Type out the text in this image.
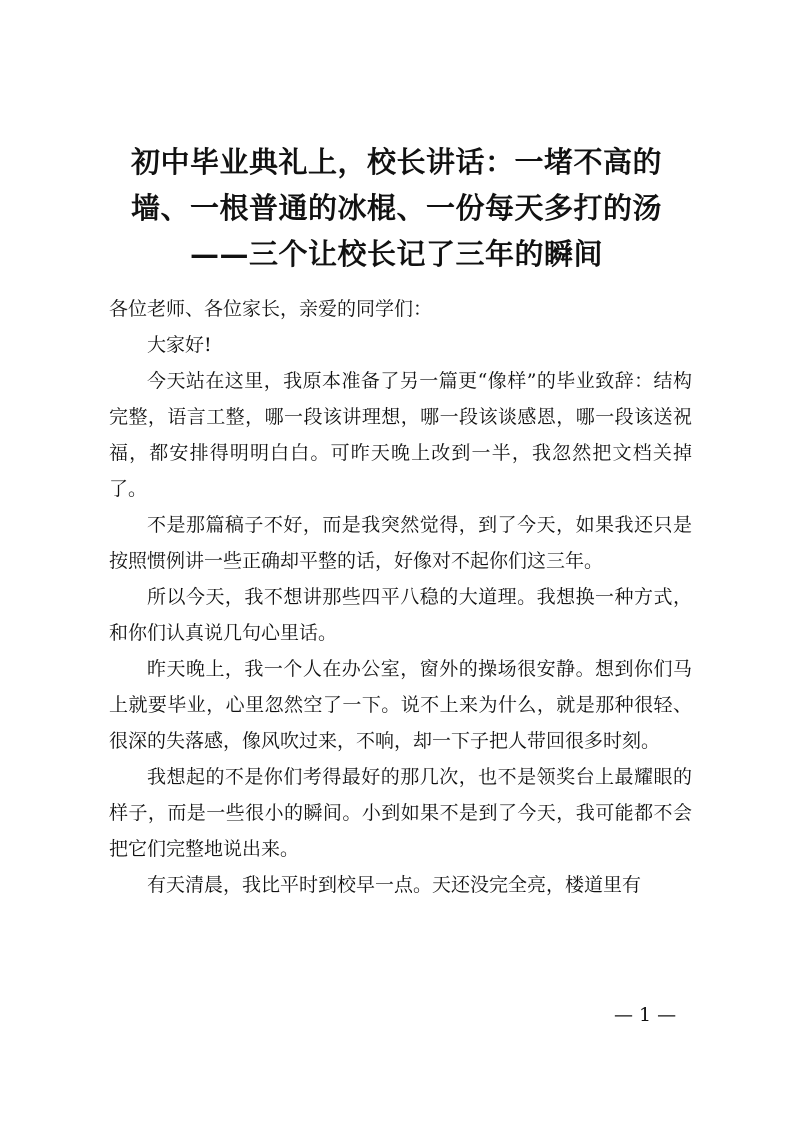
初中毕业典礼上，校长讲话：一堵不高的
墙、一根普通的冰棍、一份每天多打的汤
——三个让校长记了三年的瞬间

各位老师、各位家长，亲爱的同学们：

大家好!

今天站在这里，我原本准备了另一篇更“像样”的毕业致辞：结构完整，语言工整，哪一段该讲理想，哪一段该谈感恩，哪一段该送祝福，都安排得明明白白。可昨天晚上改到一半，我忽然把文档关掉了。

不是那篇稿子不好，而是我突然觉得，到了今天，如果我还只是按照惯例讲一些正确却平整的话，好像对不起你们这三年。

所以今天，我不想讲那些四平八稳的大道理。我想换一种方式，和你们认真说几句心里话。

昨天晚上，我一个人在办公室，窗外的操场很安静。想到你们马上就要毕业，心里忽然空了一下。说不上来为什么，就是那种很轻、很深的失落感，像风吹过来，不响，却一下子把人带回很多时刻。

我想起的不是你们考得最好的那几次，也不是领奖台上最耀眼的样子，而是一些很小的瞬间。小到如果不是到了今天，我可能都不会把它们完整地说出来。

有天清晨，我比平时到校早一点。天还没完全亮，楼道里有

— 1 —
